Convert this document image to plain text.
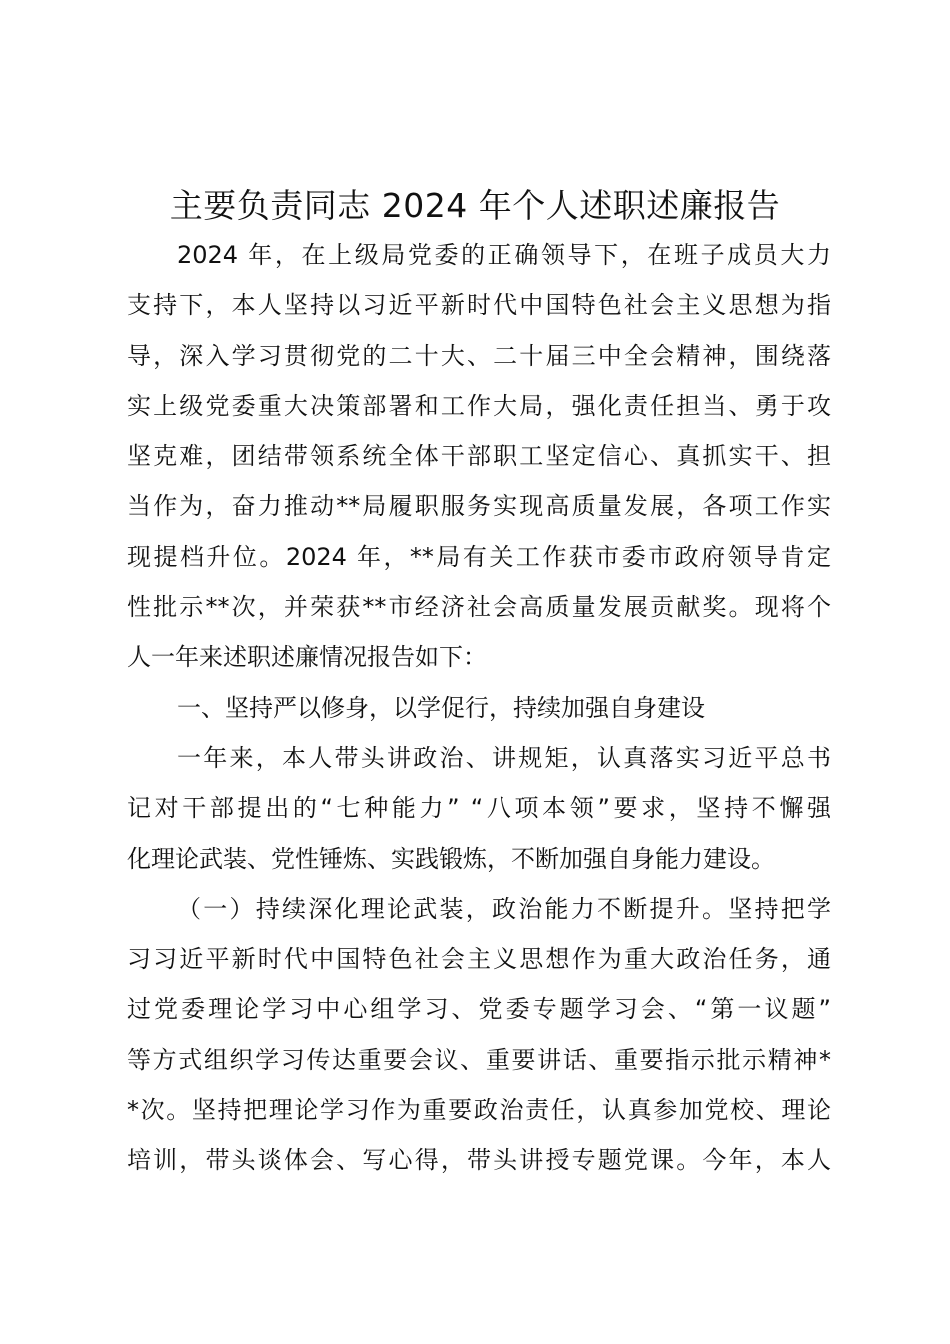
主要负责同志 2024 年个人述职述廉报告
2024 年，在上级局党委的正确领导下，在班子成员大力
支持下，本人坚持以习近平新时代中国特色社会主义思想为指
导，深入学习贯彻党的二十大、二十届三中全会精神，围绕落
实上级党委重大决策部署和工作大局，强化责任担当、勇于攻
坚克难，团结带领系统全体干部职工坚定信心、真抓实干、担
当作为，奋力推动**局履职服务实现高质量发展，各项工作实
现提档升位。2024 年，**局有关工作获市委市政府领导肯定
性批示**次，并荣获**市经济社会高质量发展贡献奖。现将个
人一年来述职述廉情况报告如下：
一、坚持严以修身，以学促行，持续加强自身建设
一年来，本人带头讲政治、讲规矩，认真落实习近平总书
记对干部提出的“七种能力” “八项本领”要求，坚持不懈强
化理论武装、党性锤炼、实践锻炼，不断加强自身能力建设。
（一）持续深化理论武装，政治能力不断提升。坚持把学
习习近平新时代中国特色社会主义思想作为重大政治任务，通
过党委理论学习中心组学习、党委专题学习会、“第一议题”
等方式组织学习传达重要会议、重要讲话、重要指示批示精神*
*次。坚持把理论学习作为重要政治责任，认真参加党校、理论
培训，带头谈体会、写心得，带头讲授专题党课。今年，本人
